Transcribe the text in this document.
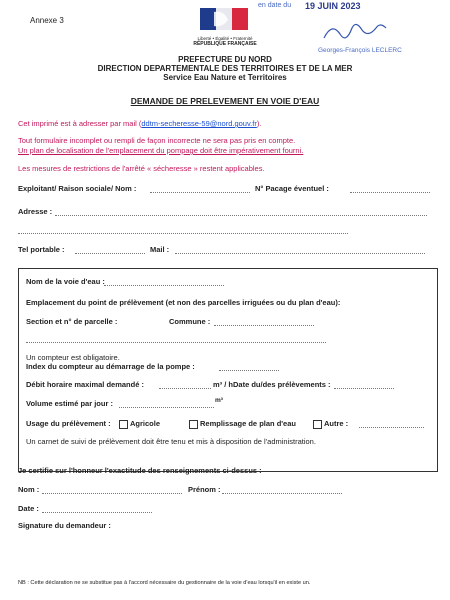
Annexe 3
Liberté • Égalité • Fraternité
RÉPUBLIQUE FRANÇAISE
en date du 19 JUIN 2023
Georges-François LECLERC
PREFECTURE DU NORD
DIRECTION DEPARTEMENTALE DES TERRITOIRES ET DE LA MER
Service Eau Nature et Territoires
DEMANDE DE PRELEVEMENT EN VOIE D'EAU
Cet imprimé est à adresser par mail (ddtm-secheresse-59@nord.gouv.fr).
Tout formulaire incomplet ou rempli de façon incorrecte ne sera pas pris en compte.
Un plan de localisation de l'emplacement du pompage doit être impérativement fourni.
Les mesures de restrictions de l'arrêté « sécheresse » restent applicables.
Exploitant/ Raison sociale/ Nom :	N° Pacage éventuel :
Adresse :
Tel portable :	Mail :
Nom de la voie d'eau :
Emplacement du point de prélèvement (et non des parcelles irriguées ou du plan d'eau):
Section et n° de parcelle :	Commune :
Un compteur est obligatoire.
Index du compteur au démarrage de la pompe :
Débit horaire maximal demandé :	m³ / h Date du/des prélèvements :
Volume estimé par jour :	m³
Usage du prélèvement :	Agricole	Remplissage de plan d'eau	Autre :
Un carnet de suivi de prélèvement doit être tenu et mis à disposition de l'administration.
Je certifie sur l'honneur l'exactitude des renseignements ci-dessus :
Nom :	Prénom :
Date :
Signature du demandeur :
NB : Cette déclaration ne se substitue pas à l'accord nécessaire du gestionnaire de la voie d'eau lorsqu'il en existe un.
